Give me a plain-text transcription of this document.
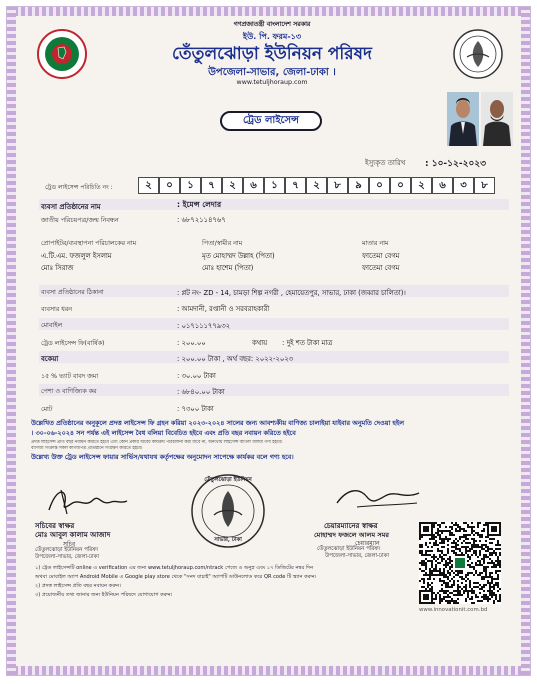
গণপ্রজাতন্ত্রী বাংলাদেশ সরকার
ইউ. পি. ফরম-১৩
তেঁতুলঝোড়া ইউনিয়ন পরিষদ
উপজেলা-সাভার, জেলা-ঢাকা ।
www.tetuljhoraup.com
ট্রেড লাইসেন্স
ইস্যুকৃত তারিখ : ১০-১২-২০২৩
ট্রেড লাইসেন্স পরিচিতি নং :	২	০	১	৭	২	৬	১	৭	২	৮	৯	০	০	২	৬	৩	৮
ব্যবসা প্রতিষ্ঠানের নাম	: ইমেন্স লেদার
জাতীয় পরিচয়পত্র/জন্ম নিবন্ধন	: ৬৮৭২১১৪৭৬৭
প্রোপাইটর/ব্যবস্থাপনা পরিচালকের নাম	পিতা/স্বামীর নাম	মাতার নাম
এ.টি.এম. ফজলুল ইসলাম	মৃত মোহাম্মদ উল্লাহ (পিতা)	ফাতেমা বেগম
মোঃ সিরাজ	মোঃ হাশেম (পিতা)	ফাতেমা বেগম
ব্যবসা প্রতিষ্ঠানের ঠিকানা	: প্লট নং- ZD - 14, চামড়া শিল্প নগরী , হেমায়েতপুর, সাভার, ঢাকা (জব্বার চালিতা)।
ব্যবসার ধরন	: আমদানী, রপ্তানী ও সরবরাহকারী
মোবাইল	: ০১৭১১১৭৭৯৩২
ট্রেড লাইসেন্স ফি(বার্ষিক)	: ২০০.০০	কথায় : দুই শত টাকা মাত্র
বকেয়া	: ২০০.০০ টাকা , অর্থ বছর: ২০২২-২০২৩
১৫ % ভ্যাট বাবদ জমা	: ৩০.০০ টাকা
পেশা ও বাণিজ্যিক কর	: ৬৮৪০.০০ টাকা
মোট	: ৭৩০০ টাকা
উল্লেখিত প্রতিষ্ঠানের অনুকূলে প্রদত্ত লাইসেন্স ফি গ্রহন করিয়া ২০২৩-২০২৪ সালের জন্য আবশ্যকীয় বাণিজ্য চালাইয়া যাইবার অনুমতি দেওয়া হইল
। ৩০-০৬-২০২৪ সন পর্যন্ত এই লাইসেন্স বৈধ বলিয়া বিবেচিত হইবে এবং প্রতি বছর নবায়ন করিতে হইবে
প্রদত্ত লাইসেন্স প্রতি বছর নবায়ন করিতে হইবে এবং কোন প্রকার অবৈধ কার্যক্রম পরিচালনা করা যাবে না, অন্যথায় লাইসেন্স বাতিল বলিয়া গণ্য হইবে।
বাণিজ্য সংক্রান্ত সকল কাগজপত্র প্রতিষ্ঠানে সংরক্ষণ করিতে হইবে।
উল্লেখ্য উক্ত ট্রেড লাইসেন্স ফায়ার সার্ভিস/যথাযথ কর্তৃপক্ষের অনুমোদন সাপেক্ষে কার্যকর বলে গণ্য হবে।
সচিবের স্বাক্ষর
মোঃ আবুল কালাম আজাদ
সচিব
তেঁতুলঝোড়া ইউনিয়ন পরিষদ
উপজেলা-সাভার, জেলা-ঢাকা
তেঁতুলঝোড়া ইউনিয়ন
সাভার, ঢাকা
চেয়ারম্যানের স্বাক্ষর
মোহাম্মদ ফজলে আলম সমর
চেয়ারম্যান
তেঁতুলঝোড়া ইউনিয়ন পরিষদ
উপজেলা-সাভার, জেলা-ঢাকা
১) ট্রেড লাইসেন্সটি online এ verification এর জন্য www.tetuljhoraup.com/ntrack পেজে ও অনুস্ন এবং ১৭ ডিজিটের নম্বর দিন
অথবা মোবাইল অ্যাপ Android Mobile এ Google play store থেকে "সনদ যাচাই" অ্যাপটি ডাউনলোড করে QR code টি স্ক্যান করুন।
২) প্রদত্ত লাইসেন্স প্রতি বছর নবায়ন করুন।
৩) প্রয়োজনীয় তথ্য জানার জন্য ইউনিয়ন পরিষদে যোগাযোগ করুন।
www.innovationit.com.bd
